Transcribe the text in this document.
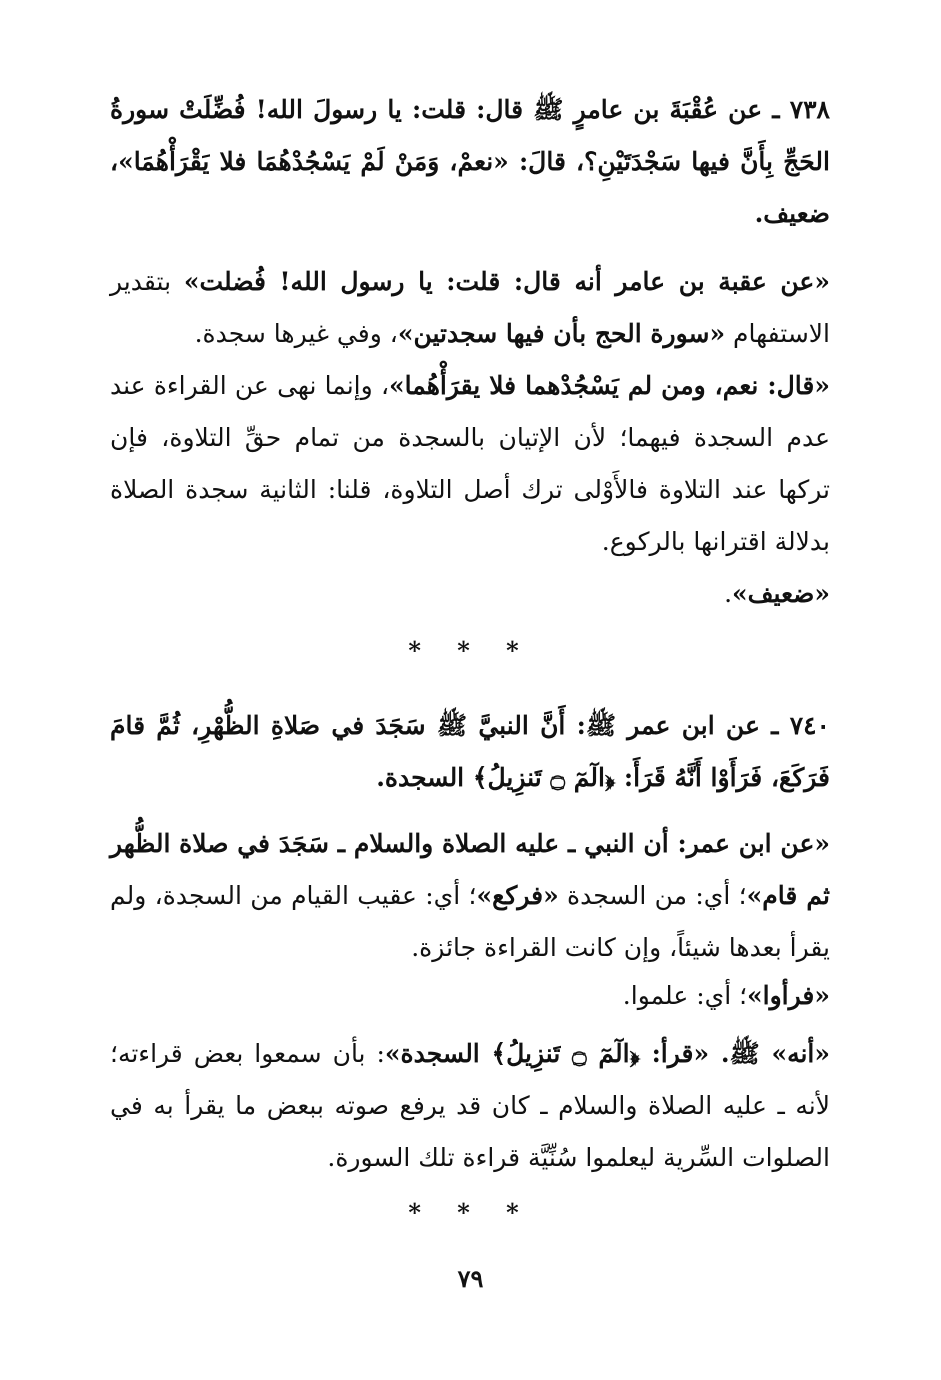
٧٣٨ ـ عن عُقْبَةَ بن عامرٍ ﷺ قال: قلت: يا رسولَ الله! فُضِّلَتْ سورةُ الحَجِّ بِأَنَّ فيها سَجْدَتَيْنِ؟، قالَ: «نعمْ، وَمَنْ لَمْ يَسْجُدْهُمَا فلا يَقْرَأْهُمَا»، ضعيف.

«عن عقبة بن عامر أنه قال: قلت: يا رسول الله! فُضلت» بتقدير الاستفهام «سورة الحج بأن فيها سجدتين»، وفي غيرها سجدة.

«قال: نعم، ومن لم يَسْجُدْهما فلا يقرَأْهُما»، وإنما نهى عن القراءة عند عدم السجدة فيهما؛ لأن الإتيان بالسجدة من تمام حقِّ التلاوة، فإن تركها عند التلاوة فالأَوْلى ترك أصل التلاوة، قلنا: الثانية سجدة الصلاة بدلالة اقترانها بالركوع.

«ضعيف».

* * *

٧٤٠ ـ عن ابن عمر ﷺ: أَنَّ النبيَّ ﷺ سَجَدَ في صَلاةِ الظُّهْرِ، ثُمَّ قامَ فَرَكَعَ، فَرَأَوْا أَنَّهُ قَرَأَ: ﴿الٓمٓ ۝ تَنزِيلُ﴾ السجدة.

«عن ابن عمر: أن النبي ـ عليه الصلاة والسلام ـ سَجَدَ في صلاة الظُّهر ثم قام»؛ أي: من السجدة «فركع»؛ أي: عقيب القيام من السجدة، ولم يقرأ بعدها شيئاً، وإن كانت القراءة جائزة.

«فرأوا»؛ أي: علموا.

«أنه» ﷺ. «قرأ: ﴿الٓمٓ ۝ تَنزِيلُ﴾ السجدة»: بأن سمعوا بعض قراءته؛ لأنه ـ عليه الصلاة والسلام ـ كان قد يرفع صوته ببعض ما يقرأ به في الصلوات السِّرية ليعلموا سُنِّيَّة قراءة تلك السورة.

* * *
٧٩
